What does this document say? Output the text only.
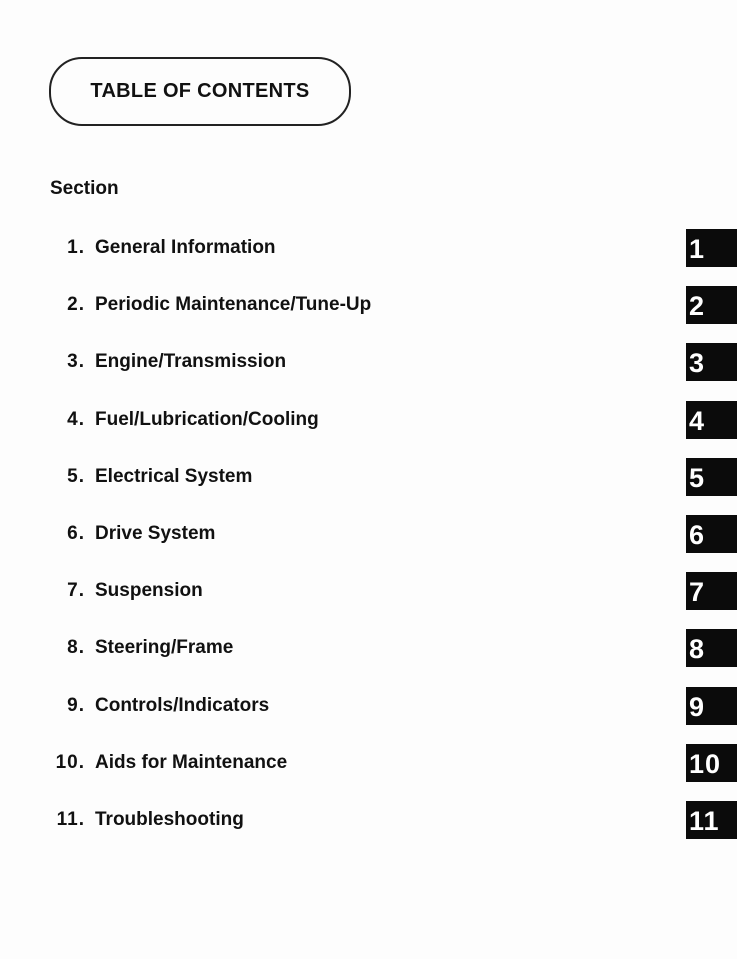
TABLE OF CONTENTS
Section
1. General Information	1
2. Periodic Maintenance/Tune-Up	2
3. Engine/Transmission	3
4. Fuel/Lubrication/Cooling	4
5. Electrical System	5
6. Drive System	6
7. Suspension	7
8. Steering/Frame	8
9. Controls/Indicators	9
10. Aids for Maintenance	10
11. Troubleshooting	11
